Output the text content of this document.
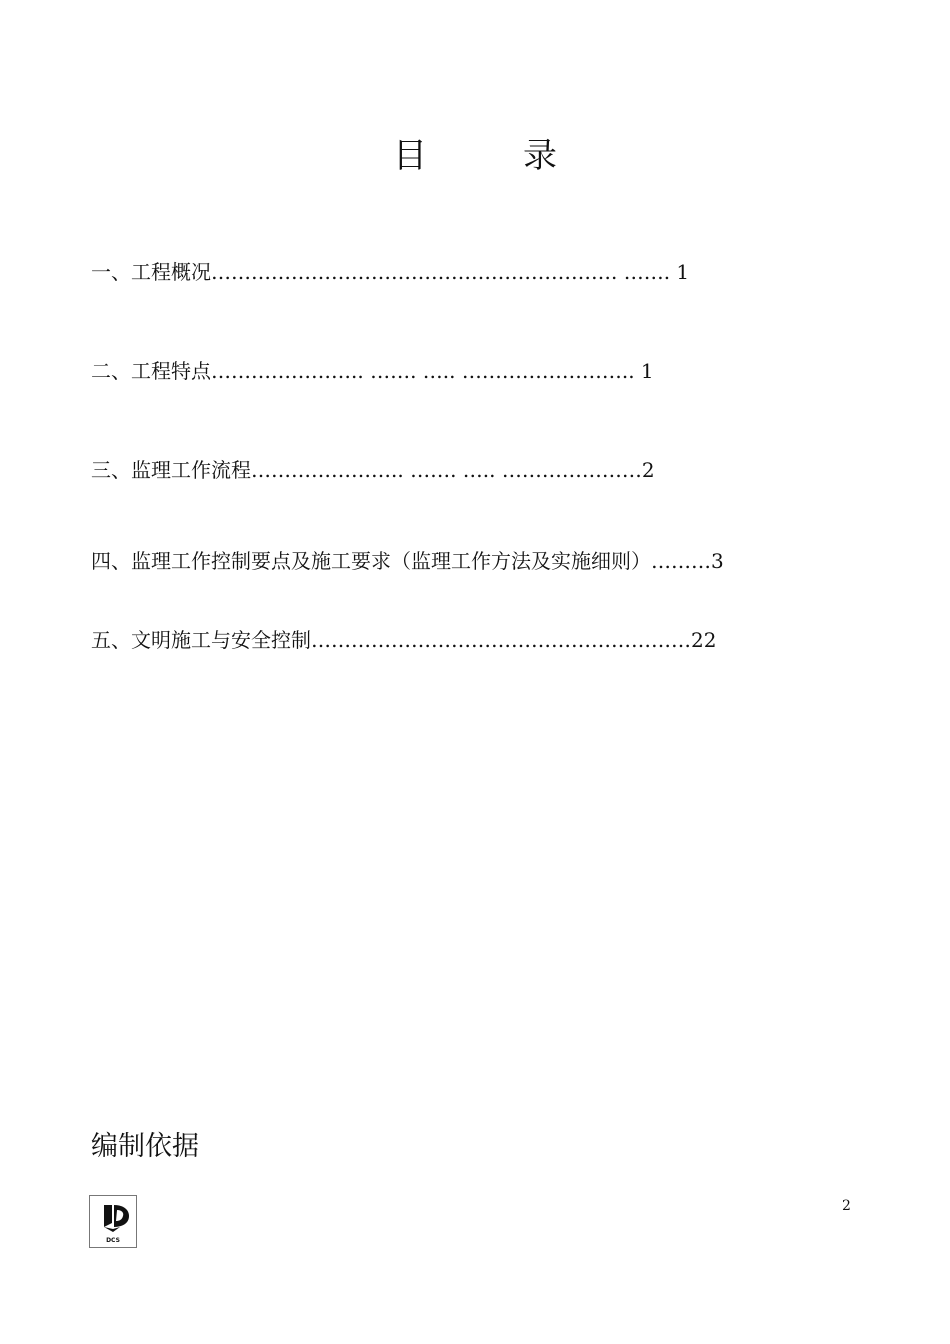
目	录
一、工程概况……………………………………………………. ……. 1
二、工程特点………………….. ……. ….. …………………….. 1
三、监理工作流程………………….. ……. ….. …………………2
四、监理工作控制要点及施工要求（监理工作方法及实施细则）………3
五、文明施工与安全控制…………………………………………………22
编制依据
2
DCS
